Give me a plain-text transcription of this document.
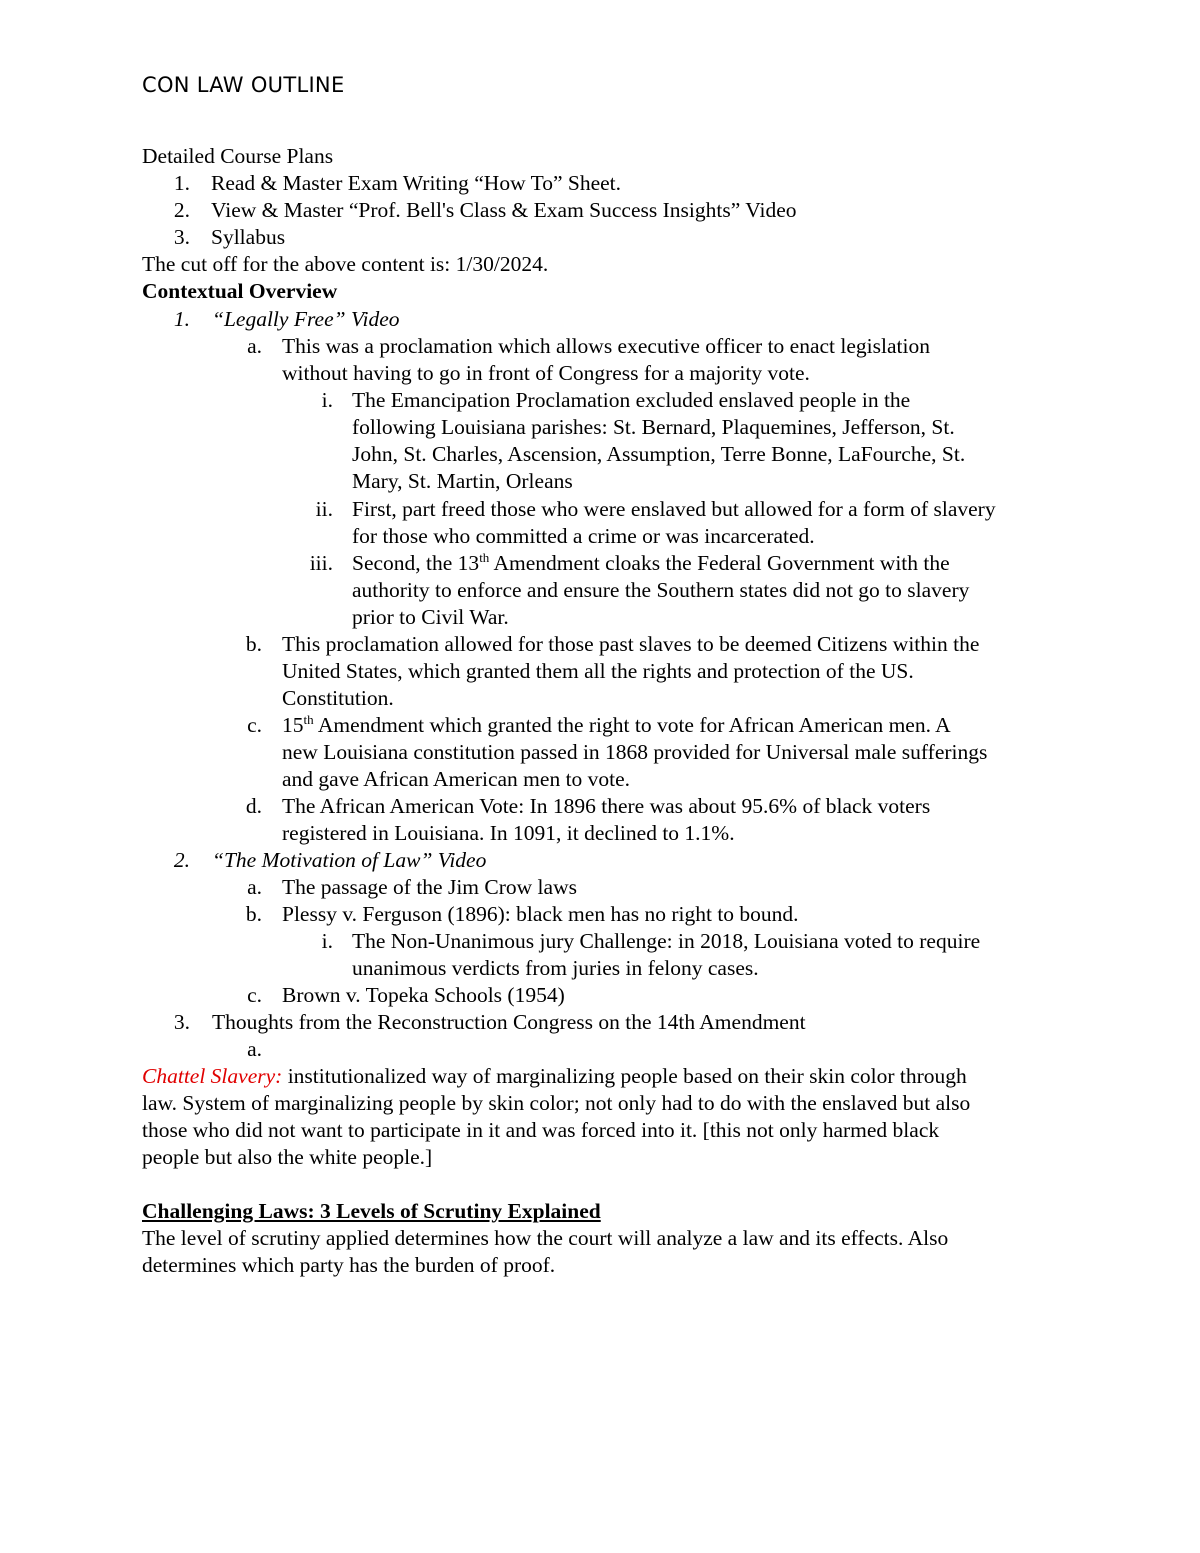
CON LAW OUTLINE
Detailed Course Plans
1. Read & Master Exam Writing “How To” Sheet.
2. View & Master “Prof. Bell's Class & Exam Success Insights” Video
3. Syllabus
The cut off for the above content is: 1/30/2024.
Contextual Overview
1. “Legally Free” Video
a. This was a proclamation which allows executive officer to enact legislation
without having to go in front of Congress for a majority vote.
i. The Emancipation Proclamation excluded enslaved people in the
following Louisiana parishes: St. Bernard, Plaquemines, Jefferson, St.
John, St. Charles, Ascension, Assumption, Terre Bonne, LaFourche, St.
Mary, St. Martin, Orleans
ii. First, part freed those who were enslaved but allowed for a form of slavery
for those who committed a crime or was incarcerated.
iii. Second, the 13th Amendment cloaks the Federal Government with the
authority to enforce and ensure the Southern states did not go to slavery
prior to Civil War.
b. This proclamation allowed for those past slaves to be deemed Citizens within the
United States, which granted them all the rights and protection of the US.
Constitution.
c. 15th Amendment which granted the right to vote for African American men. A
new Louisiana constitution passed in 1868 provided for Universal male sufferings
and gave African American men to vote.
d. The African American Vote: In 1896 there was about 95.6% of black voters
registered in Louisiana. In 1091, it declined to 1.1%.
2. “The Motivation of Law” Video
a. The passage of the Jim Crow laws
b. Plessy v. Ferguson (1896): black men has no right to bound.
i. The Non-Unanimous jury Challenge: in 2018, Louisiana voted to require
unanimous verdicts from juries in felony cases.
c. Brown v. Topeka Schools (1954)
3. Thoughts from the Reconstruction Congress on the 14th Amendment
a.
Chattel Slavery: institutionalized way of marginalizing people based on their skin color through
law. System of marginalizing people by skin color; not only had to do with the enslaved but also
those who did not want to participate in it and was forced into it. [this not only harmed black
people but also the white people.]
Challenging Laws: 3 Levels of Scrutiny Explained
The level of scrutiny applied determines how the court will analyze a law and its effects. Also
determines which party has the burden of proof.
